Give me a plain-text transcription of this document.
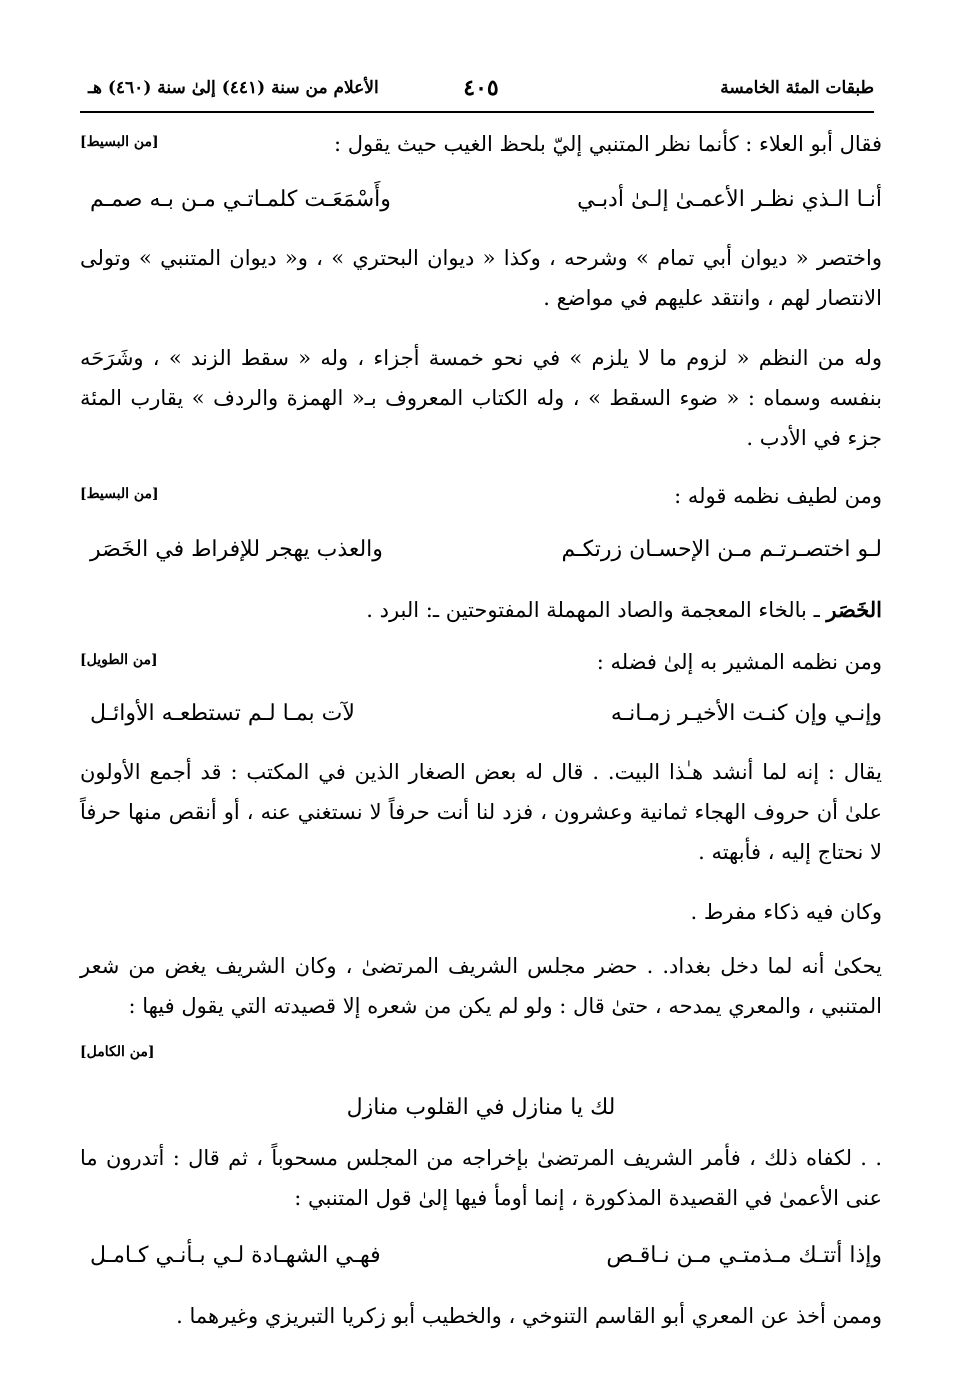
طبقات المئة الخامسة
٤٠٥
الأعلام من سنة (٤٤١) إلىٰ سنة (٤٦٠) هـ
فقال أبو العلاء : كأنما نظر المتنبي إليّ بلحظ الغيب حيث يقول :
[من البسيط]
أنـا الـذي نظـر الأعمـىٰ إلـىٰ أدبـي
وأَسْمَعَـت كلمـاتـي مـن بـه صمـم
واختصر « ديوان أبي تمام » وشرحه ، وكذا « ديوان البحتري » ، و« ديوان المتنبي » وتولى الانتصار لهم ، وانتقد عليهم في مواضع .
وله من النظم « لزوم ما لا يلزم » في نحو خمسة أجزاء ، وله « سقط الزند » ، وشَرَحَه بنفسه وسماه : « ضوء السقط » ، وله الكتاب المعروف بـ« الهمزة والردف » يقارب المئة جزء في الأدب .
ومن لطيف نظمه قوله :
[من البسيط]
لـو اختصـرتـم مـن الإحسـان زرتكـم
والعذب يهجر للإفراط في الخَصَر
الخَصَر ـ بالخاء المعجمة والصاد المهملة المفتوحتين ـ: البرد .
ومن نظمه المشير به إلىٰ فضله :
[من الطويل]
وإنـي وإن كنـت الأخيـر زمـانـه
لآت بمـا لـم تستطعـه الأوائـل
يقال : إنه لما أنشد هـٰذا البيت. . قال له بعض الصغار الذين في المكتب : قد أجمع الأولون علىٰ أن حروف الهجاء ثمانية وعشرون ، فزد لنا أنت حرفاً لا نستغني عنه ، أو أنقص منها حرفاً لا نحتاج إليه ، فأبهته .
وكان فيه ذكاء مفرط .
يحكىٰ أنه لما دخل بغداد. . حضر مجلس الشريف المرتضىٰ ، وكان الشريف يغض من شعر المتنبي ، والمعري يمدحه ، حتىٰ قال : ولو لم يكن من شعره إلا قصيدته التي يقول فيها :
[من الكامل]
لك يا منازل في القلوب منازل
. . لكفاه ذلك ، فأمر الشريف المرتضىٰ بإخراجه من المجلس مسحوباً ، ثم قال : أتدرون ما عنى الأعمىٰ في القصيدة المذكورة ، إنما أومأ فيها إلىٰ قول المتنبي :
وإذا أتتـك مـذمتـي مـن نـاقـص
فهـي الشهـادة لـي بـأنـي كـامـل
وممن أخذ عن المعري أبو القاسم التنوخي ، والخطيب أبو زكريا التبريزي وغيرهما .
